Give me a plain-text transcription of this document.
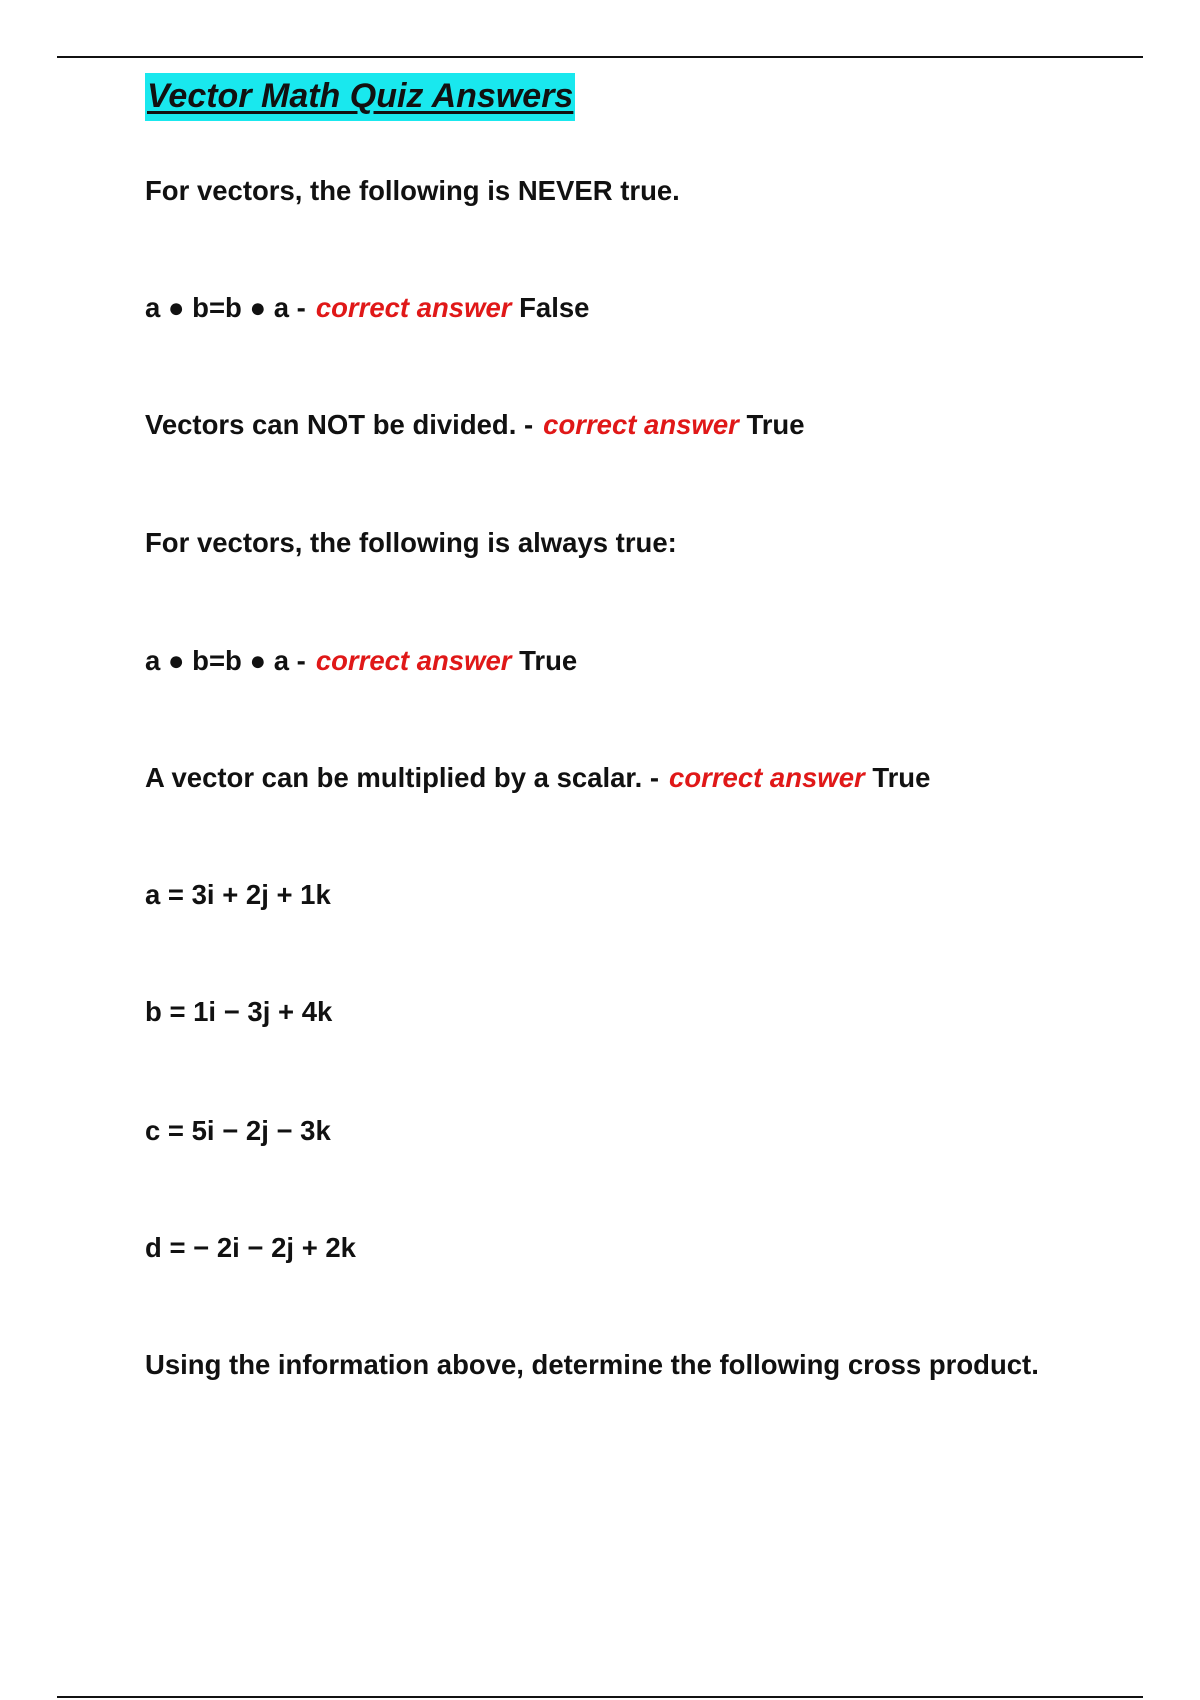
Vector Math Quiz Answers

For vectors, the following is NEVER true.

a ● b=b ● a - correct answer False

Vectors can NOT be divided. - correct answer True

For vectors, the following is always true:

a ● b=b ● a - correct answer True

A vector can be multiplied by a scalar. - correct answer True

a = 3i + 2j + 1k

b = 1i − 3j + 4k

c = 5i − 2j − 3k

d = − 2i − 2j + 2k

Using the information above, determine the following cross product.
